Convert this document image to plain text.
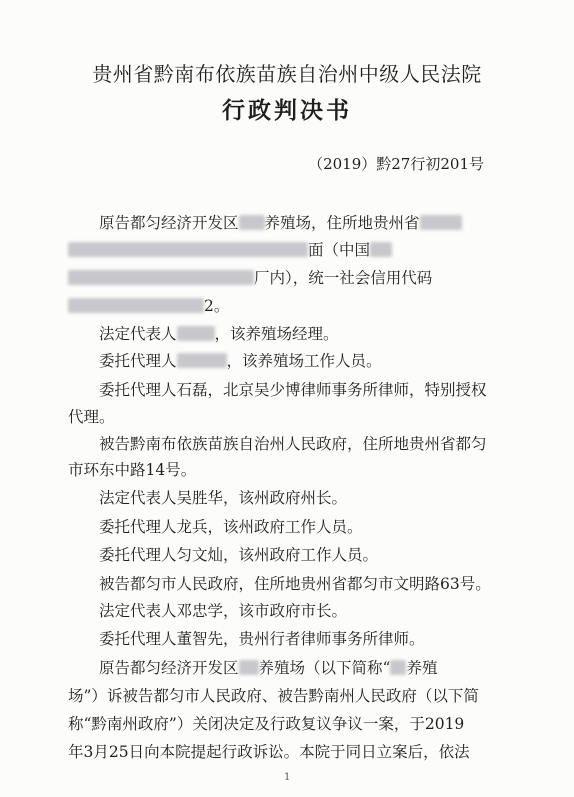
贵州省黔南布依族苗族自治州中级人民法院
行政判决书
（2019）黔27行初201号
原告都匀经济开发区 养殖场，住所地贵州省
面（中国
厂内），统一社会信用代码
2。
法定代表人 ，该养殖场经理。
委托代理人	，该养殖场工作人员。
委托代理人石磊，北京吴少博律师事务所律师，特别授权
代理。
被告黔南布依族苗族自治州人民政府，住所地贵州省都匀
市环东中路14号。
法定代表人吴胜华，该州政府州长。
委托代理人龙兵，该州政府工作人员。
委托代理人匀文灿，该州政府工作人员。
被告都匀市人民政府，住所地贵州省都匀市文明路63号。
法定代表人邓忠学，该市政府市长。
委托代理人董智先，贵州行者律师事务所律师。
原告都匀经济开发区 养殖场（以下简称“ 养殖
场”）诉被告都匀市人民政府、被告黔南州人民政府（以下简
称“黔南州政府”）关闭决定及行政复议争议一案，于2019
年3月25日向本院提起行政诉讼。本院于同日立案后，依法
1
